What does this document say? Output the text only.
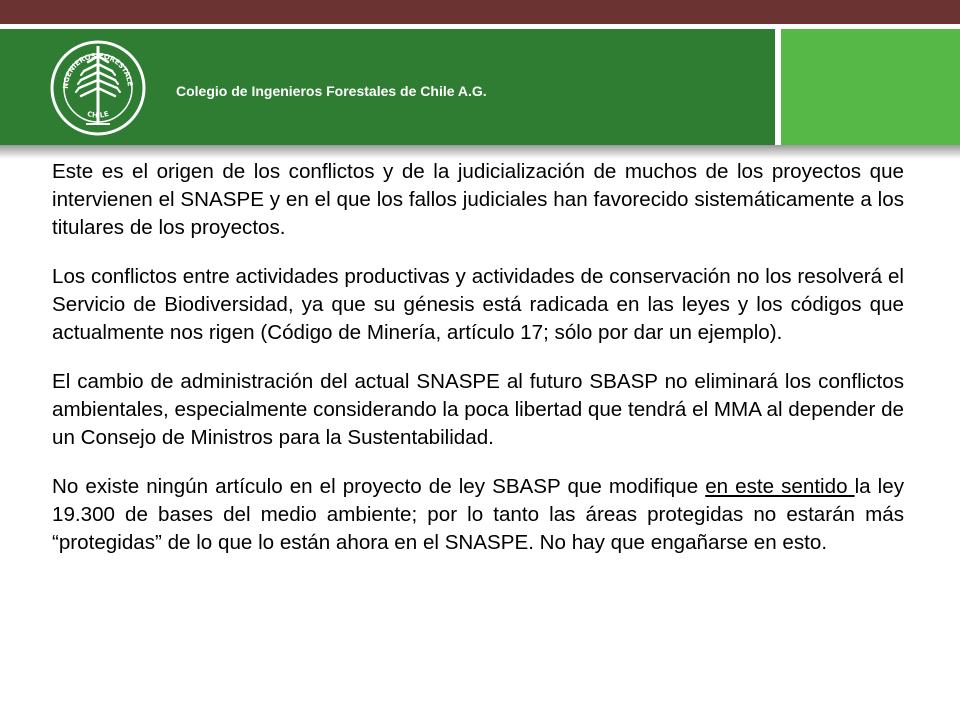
NGENIEROS FORESTALE
CHILE
Colegio de Ingenieros Forestales de Chile A.G.

Este es el origen de los conflictos y de la judicialización de muchos de los proyectos que intervienen el SNASPE y en el que los fallos judiciales han favorecido sistemáticamente a los titulares de los proyectos.

Los conflictos entre actividades productivas y actividades de conservación no los resolverá el Servicio de Biodiversidad, ya que su génesis está radicada en las leyes y los códigos que actualmente nos rigen (Código de Minería, artículo 17; sólo por dar un ejemplo).

El cambio de administración del actual SNASPE al futuro SBASP no eliminará los conflictos ambientales, especialmente considerando la poca libertad que tendrá el MMA al depender de un Consejo de Ministros para la Sustentabilidad.

No existe ningún artículo en el proyecto de ley SBASP que modifique en este sentido la ley 19.300 de bases del medio ambiente; por lo tanto las áreas protegidas no estarán más “protegidas” de lo que lo están ahora en el SNASPE. No hay que engañarse en esto.
